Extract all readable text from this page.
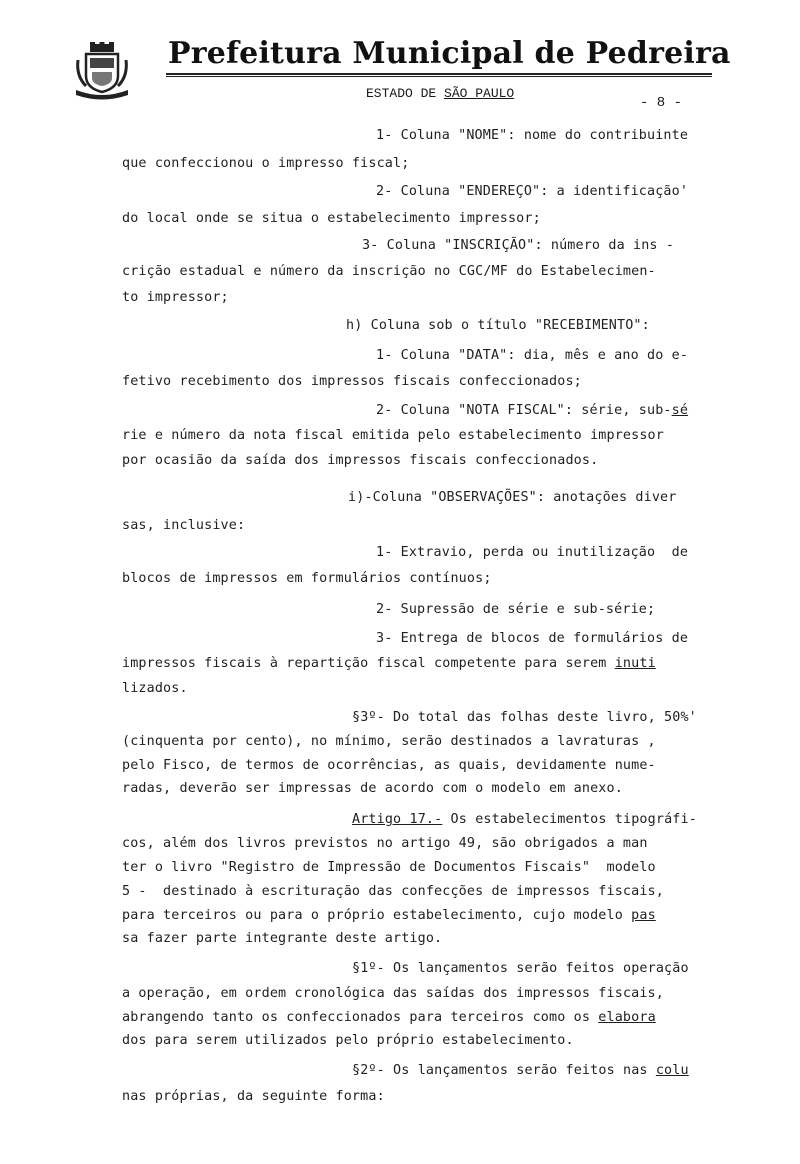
Prefeitura Municipal de Pedreira
ESTADO DE SÃO PAULO
- 8 -
1- Coluna "NOME": nome do contribuinte
que confeccionou o impresso fiscal;
2- Coluna "ENDEREÇO": a identificação'
do local onde se situa o estabelecimento impressor;
3- Coluna "INSCRIÇÃO": número da ins -
crição estadual e número da inscrição no CGC/MF do Estabelecimen-
to impressor;
h) Coluna sob o título "RECEBIMENTO":
1- Coluna "DATA": dia, mês e ano do e-
fetivo recebimento dos impressos fiscais confeccionados;
2- Coluna "NOTA FISCAL": série, sub-sé
rie e número da nota fiscal emitida pelo estabelecimento impressor
por ocasião da saída dos impressos fiscais confeccionados.
i)-Coluna "OBSERVAÇÕES": anotações diver
sas, inclusive:
1- Extravio, perda ou inutilização  de
blocos de impressos em formulários contínuos;
2- Supressão de série e sub-série;
3- Entrega de blocos de formulários de
impressos fiscais à repartição fiscal competente para serem inuti
lizados.
§3º- Do total das folhas deste livro, 50%'
(cinquenta por cento), no mínimo, serão destinados a lavraturas ,
pelo Fisco, de termos de ocorrências, as quais, devidamente nume-
radas, deverão ser impressas de acordo com o modelo em anexo.
Artigo 17.- Os estabelecimentos tipográfi-
cos, além dos livros previstos no artigo 49, são obrigados a man
ter o livro "Registro de Impressão de Documentos Fiscais"  modelo
5 -  destinado à escrituração das confecções de impressos fiscais,
para terceiros ou para o próprio estabelecimento, cujo modelo pas
sa fazer parte integrante deste artigo.
§1º- Os lançamentos serão feitos operação
a operação, em ordem cronológica das saídas dos impressos fiscais,
abrangendo tanto os confeccionados para terceiros como os elabora
dos para serem utilizados pelo próprio estabelecimento.
§2º- Os lançamentos serão feitos nas colu
nas próprias, da seguinte forma:
